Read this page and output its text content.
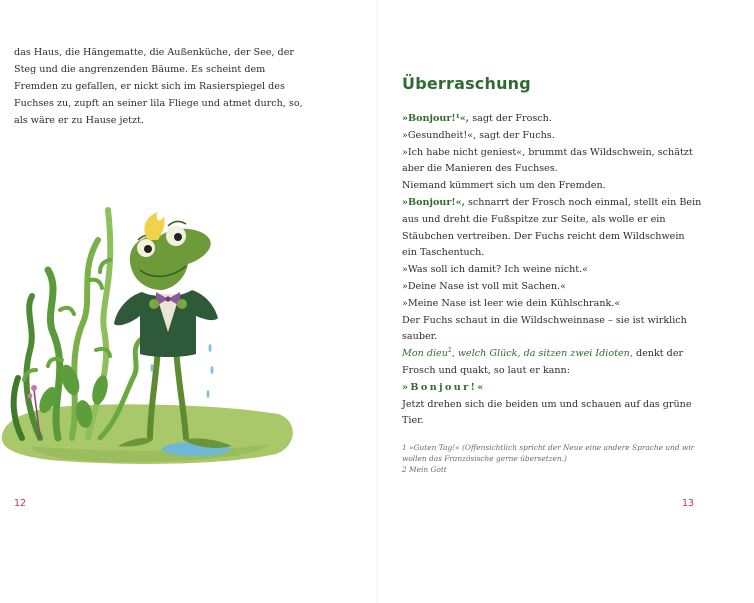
das Haus, die Hängematte, die Außenküche, der See, der Steg und die angrenzenden Bäume. Es scheint dem Fremden zu gefallen, er nickt sich im Rasierspiegel des Fuchses zu, zupft an seiner lila Fliege und atmet durch, so, als wäre er zu Hause jetzt.

12
Überraschung

»Bonjour!¹«, sagt der Frosch.

»Gesundheit!«, sagt der Fuchs.

»Ich habe nicht geniest«, brummt das Wildschwein, schätzt aber die Manieren des Fuchses.

Niemand kümmert sich um den Fremden.

»Bonjour!«, schnarrt der Frosch noch einmal, stellt ein Bein aus und dreht die Fußspitze zur Seite, als wolle er ein Stäubchen vertreiben. Der Fuchs reicht dem Wildschwein ein Taschentuch.

»Was soll ich damit? Ich weine nicht.«

»Deine Nase ist voll mit Sachen.«

»Meine Nase ist leer wie dein Kühlschrank.«

Der Fuchs schaut in die Wildschweinnase – sie ist wirklich sauber.

Mon dieu$^2$, welch Glück, da sitzen zwei Idioten, denkt der Frosch und quakt, so laut er kann:

»Bonjour!«

Jetzt drehen sich die beiden um und schauen auf das grüne Tier.

1 »Guten Tag!« (Offensichtlich spricht der Neue eine andere Sprache und wir wollen das Französische gerne übersetzen.)

2 Mein Gott

13
